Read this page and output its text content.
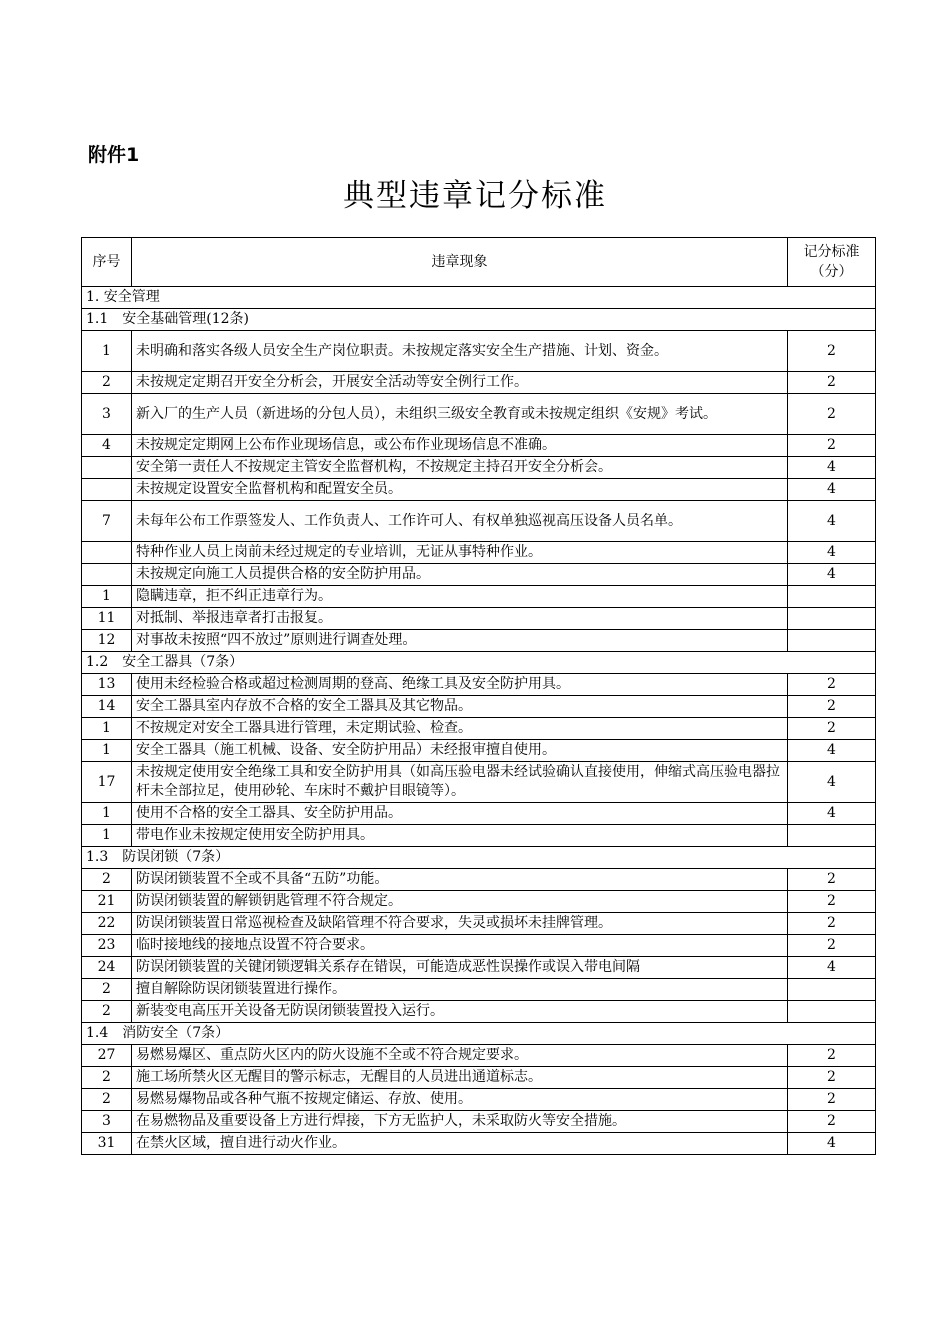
附件1
典型违章记分标准
序号	违章现象	记分标准（分）
1. 安全管理		
1.1　安全基础管理(12条)		
1	未明确和落实各级人员安全生产岗位职责。未按规定落实安全生产措施、计划、资金。	2
2	未按规定定期召开安全分析会，开展安全活动等安全例行工作。	2
3	新入厂的生产人员（新进场的分包人员），未组织三级安全教育或未按规定组织《安规》考试。	2
4	未按规定定期网上公布作业现场信息，或公布作业现场信息不准确。	2
	安全第一责任人不按规定主管安全监督机构，不按规定主持召开安全分析会。	4
	未按规定设置安全监督机构和配置安全员。	4
7	未每年公布工作票签发人、工作负责人、工作许可人、有权单独巡视高压设备人员名单。	4
	特种作业人员上岗前未经过规定的专业培训，无证从事特种作业。	4
	未按规定向施工人员提供合格的安全防护用品。	4
1	隐瞒违章，拒不纠正违章行为。	
11	对抵制、举报违章者打击报复。	
12	对事故未按照“四不放过”原则进行调查处理。	
1.2　安全工器具（7条）		
13	使用未经检验合格或超过检测周期的登高、绝缘工具及安全防护用具。	2
14	安全工器具室内存放不合格的安全工器具及其它物品。	2
1	不按规定对安全工器具进行管理，未定期试验、检查。	2
1	安全工器具（施工机械、设备、安全防护用品）未经报审擅自使用。	4
17	未按规定使用安全绝缘工具和安全防护用具（如高压验电器未经试验确认直接使用，伸缩式高压验电器拉杆未全部拉足，使用砂轮、车床时不戴护目眼镜等）。	4
1	使用不合格的安全工器具、安全防护用品。	4
1	带电作业未按规定使用安全防护用具。	
1.3　防误闭锁（7条）		
2	防误闭锁装置不全或不具备“五防”功能。	2
21	防误闭锁装置的解锁钥匙管理不符合规定。	2
22	防误闭锁装置日常巡视检查及缺陷管理不符合要求，失灵或损坏未挂牌管理。	2
23	临时接地线的接地点设置不符合要求。	2
24	防误闭锁装置的关键闭锁逻辑关系存在错误，可能造成恶性误操作或误入带电间隔	4
2	擅自解除防误闭锁装置进行操作。	
2	新装变电高压开关设备无防误闭锁装置投入运行。	
1.4　消防安全（7条）		
27	易燃易爆区、重点防火区内的防火设施不全或不符合规定要求。	2
2	施工场所禁火区无醒目的警示标志，无醒目的人员进出通道标志。	2
2	易燃易爆物品或各种气瓶不按规定储运、存放、使用。	2
3	在易燃物品及重要设备上方进行焊接，下方无监护人，未采取防火等安全措施。	2
31	在禁火区域，擅自进行动火作业。	4
